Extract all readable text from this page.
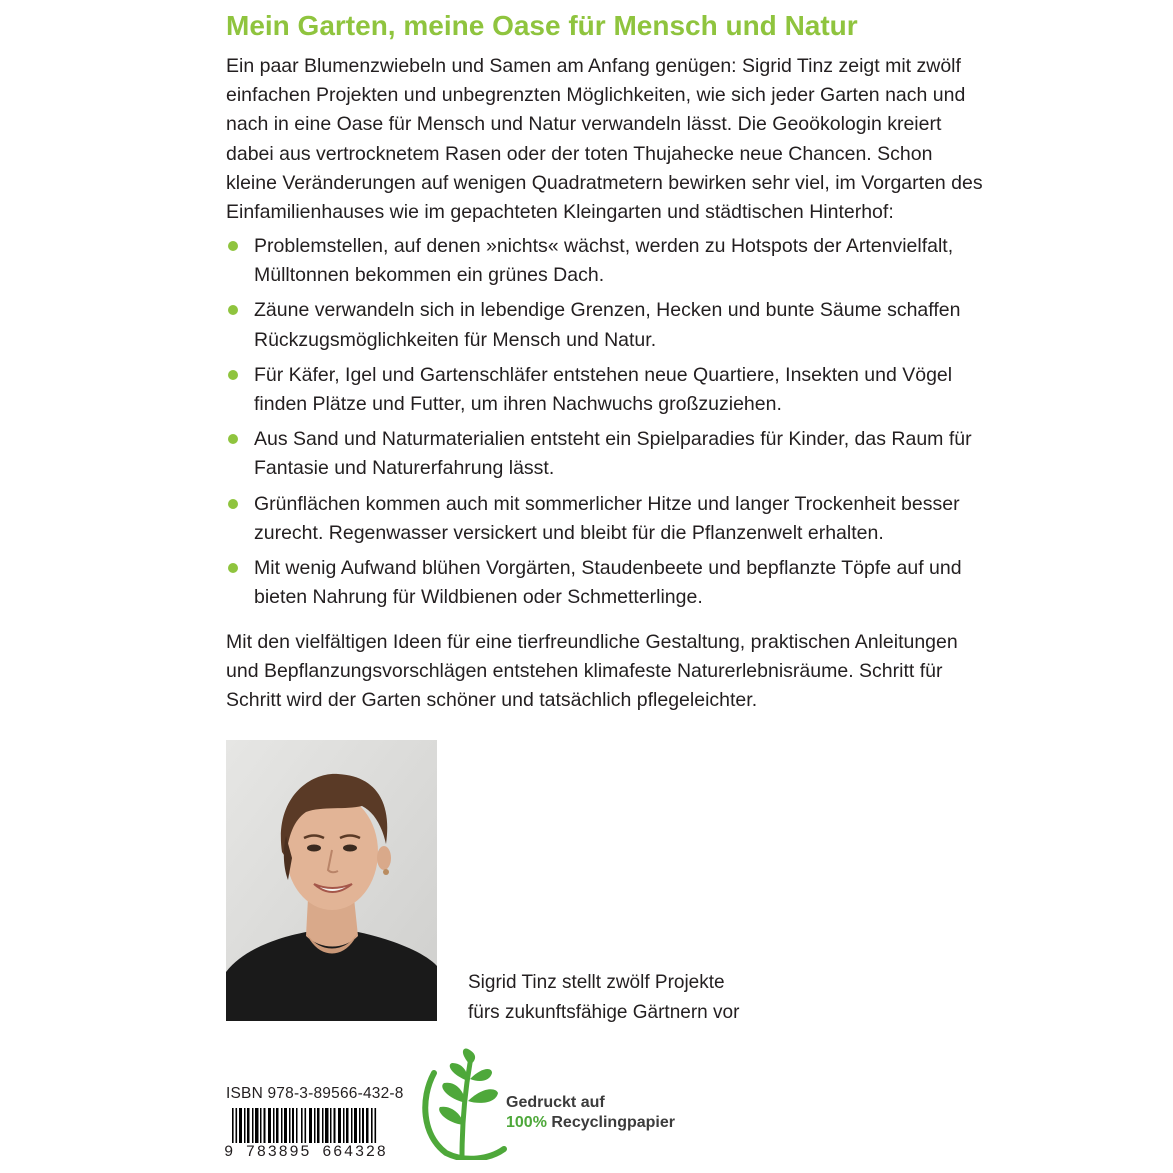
Mein Garten, meine Oase für Mensch und Natur

Ein paar Blumenzwiebeln und Samen am Anfang genügen: Sigrid Tinz zeigt mit zwölf einfachen Projekten und unbegrenzten Möglichkeiten, wie sich jeder Garten nach und nach in eine Oase für Mensch und Natur verwandeln lässt. Die Geoökologin kreiert dabei aus vertrocknetem Rasen oder der toten Thujahecke neue Chancen. Schon kleine Veränderungen auf wenigen Quadratmetern bewirken sehr viel, im Vorgarten des Einfamilienhauses wie im gepachteten Kleingarten und städtischen Hinterhof:

Problemstellen, auf denen »nichts« wächst, werden zu Hotspots der Artenvielfalt, Mülltonnen bekommen ein grünes Dach.
Zäune verwandeln sich in lebendige Grenzen, Hecken und bunte Säume schaffen Rückzugsmöglichkeiten für Mensch und Natur.
Für Käfer, Igel und Gartenschläfer entstehen neue Quartiere, Insekten und Vögel finden Plätze und Futter, um ihren Nachwuchs großzuziehen.
Aus Sand und Naturmaterialien entsteht ein Spielparadies für Kinder, das Raum für Fantasie und Naturerfahrung lässt.
Grünflächen kommen auch mit sommerlicher Hitze und langer Trockenheit besser zurecht. Regenwasser versickert und bleibt für die Pflanzenwelt erhalten.
Mit wenig Aufwand blühen Vorgärten, Staudenbeete und bepflanzte Töpfe auf und bieten Nahrung für Wildbienen oder Schmetterlinge.

Mit den vielfältigen Ideen für eine tierfreundliche Gestaltung, praktischen Anleitungen und Bepflanzungsvorschlägen entstehen klimafeste Naturerlebnisräume. Schritt für Schritt wird der Garten schöner und tatsächlich pflegeleichter.

Sigrid Tinz stellt zwölf Projekte
fürs zukunftsfähige Gärtnern vor

ISBN 978-3-89566-432-8
9 783895 664328
Gedruckt auf
100% Recyclingpapier
